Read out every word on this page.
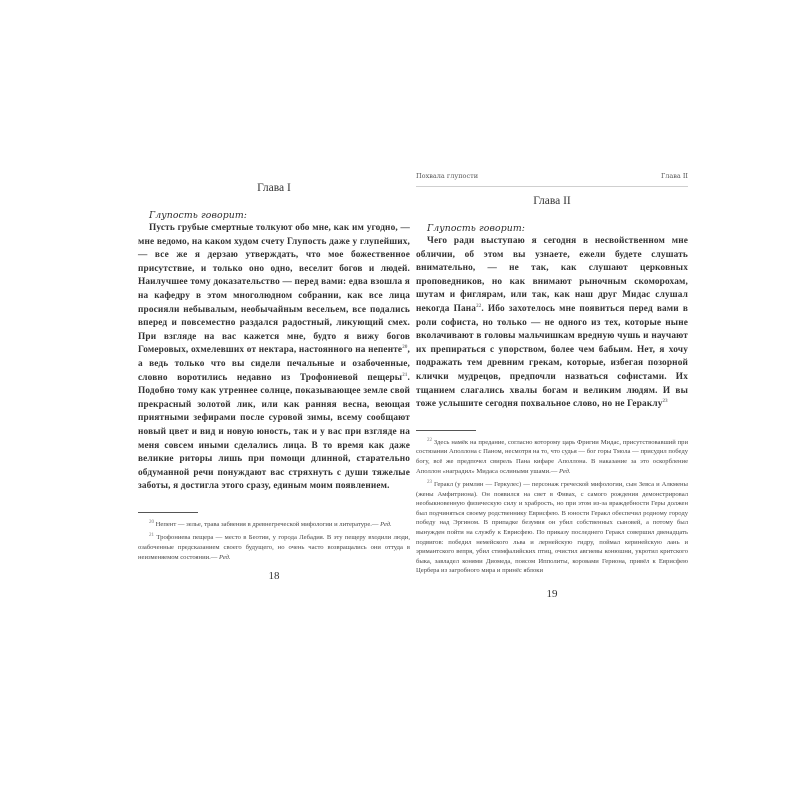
Глава I
Глупость говорит:
Пусть грубые смертные толкуют обо мне, как им угодно, — мне ведомо, на каком худом счету Глупость даже у глупейших, — все же я дерзаю утверждать, что мое божественное присутствие, и только оно одно, веселит богов и людей. Наилучшее тому доказательство — перед вами: едва взошла я на кафедру в этом многолюдном собрании, как все лица просияли небывалым, необычайным весельем, все подались вперед и повсеместно раздался радостный, ликующий смех. При взгляде на вас кажется мне, будто я вижу богов Гомеровых, охмелевших от нектара, настоянного на непенте$^{20}$, а ведь только что вы сидели печальные и озабоченные, словно воротились недавно из Трофониевой пещеры$^{21}$. Подобно тому как утреннее солнце, показывающее земле свой прекрасный золотой лик, или как ранняя весна, веющая приятными зефирами после суровой зимы, всему сообщают новый цвет и вид и новую юность, так и у вас при взгляде на меня совсем иными сделались лица. В то время как даже великие риторы лишь при помощи длинной, старательно обдуманной речи понуждают вас стряхнуть с души тяжелые заботы, я достигла этого сразу, единым моим появлением.
$^{20}$ Непент — зелье, трава забвения в древнегреческой мифологии и литературе.— Ред.
$^{21}$ Трофониева пещера — место в Беотии, у города Лебадия. В эту пещеру входили люди, озабоченные предсказанием своего будущего, но очень часто возвращались они оттуда в неизменяемом состоянии.— Ред.
18
Похвала глупости	Глава II
Глава II
Глупость говорит:
Чего ради выступаю я сегодня в несвойственном мне обличии, об этом вы узнаете, ежели будете слушать внимательно, — не так, как слушают церковных проповедников, но как внимают рыночным скоморохам, шутам и фиглярам, или так, как наш друг Мидас слушал некогда Пана$^{22}$. Ибо захотелось мне появиться перед вами в роли софиста, но только — не одного из тех, которые ныне вколачивают в головы мальчишкам вредную чушь и научают их препираться с упорством, более чем бабьим. Нет, я хочу подражать тем древним грекам, которые, избегая позорной клички мудрецов, предпочли назваться софистами. Их тщанием слагались хвалы богам и великим людям. И вы тоже услышите сегодня похвальное слово, но не Гераклу$^{23}$
$^{22}$ Здесь намёк на предание, согласно которому царь Фригии Мидас, присутствовавший при состязании Аполлона с Паном, несмотря на то, что судья — бог горы Тмола — присудил победу богу, всё же предпочел свирель Пана кифаре Аполлона. В наказание за это оскорбление Аполлон «наградил» Мидаса ослиными ушами.— Ред.
$^{23}$ Геракл (у римлян — Геркулес) — персонаж греческой мифологии, сын Зевса и Алкмены (жены Амфитриона). Он появился на свет в Фивах, с самого рождения демонстрировал необыкновенную физическую силу и храбрость, но при этом из-за враждебности Геры должен был подчиняться своему родственнику Еврисфею. В юности Геракл обеспечил родному городу победу над Эргином. В припадке безумия он убил собственных сыновей, а потому был вынужден пойти на службу к Еврисфею. По приказу последнего Геракл совершил двенадцать подвигов: победил немейского льва и лернейскую гидру, поймал керинейскую лань и эримантского вепря, убил стимфалийских птиц, очистил авгиевы конюшни, укротил критского быка, завладел конями Диомеда, поясом Ипполиты, коровами Гериона, привёл к Еврисфею Цербера из загробного мира и принёс яблоки
19
